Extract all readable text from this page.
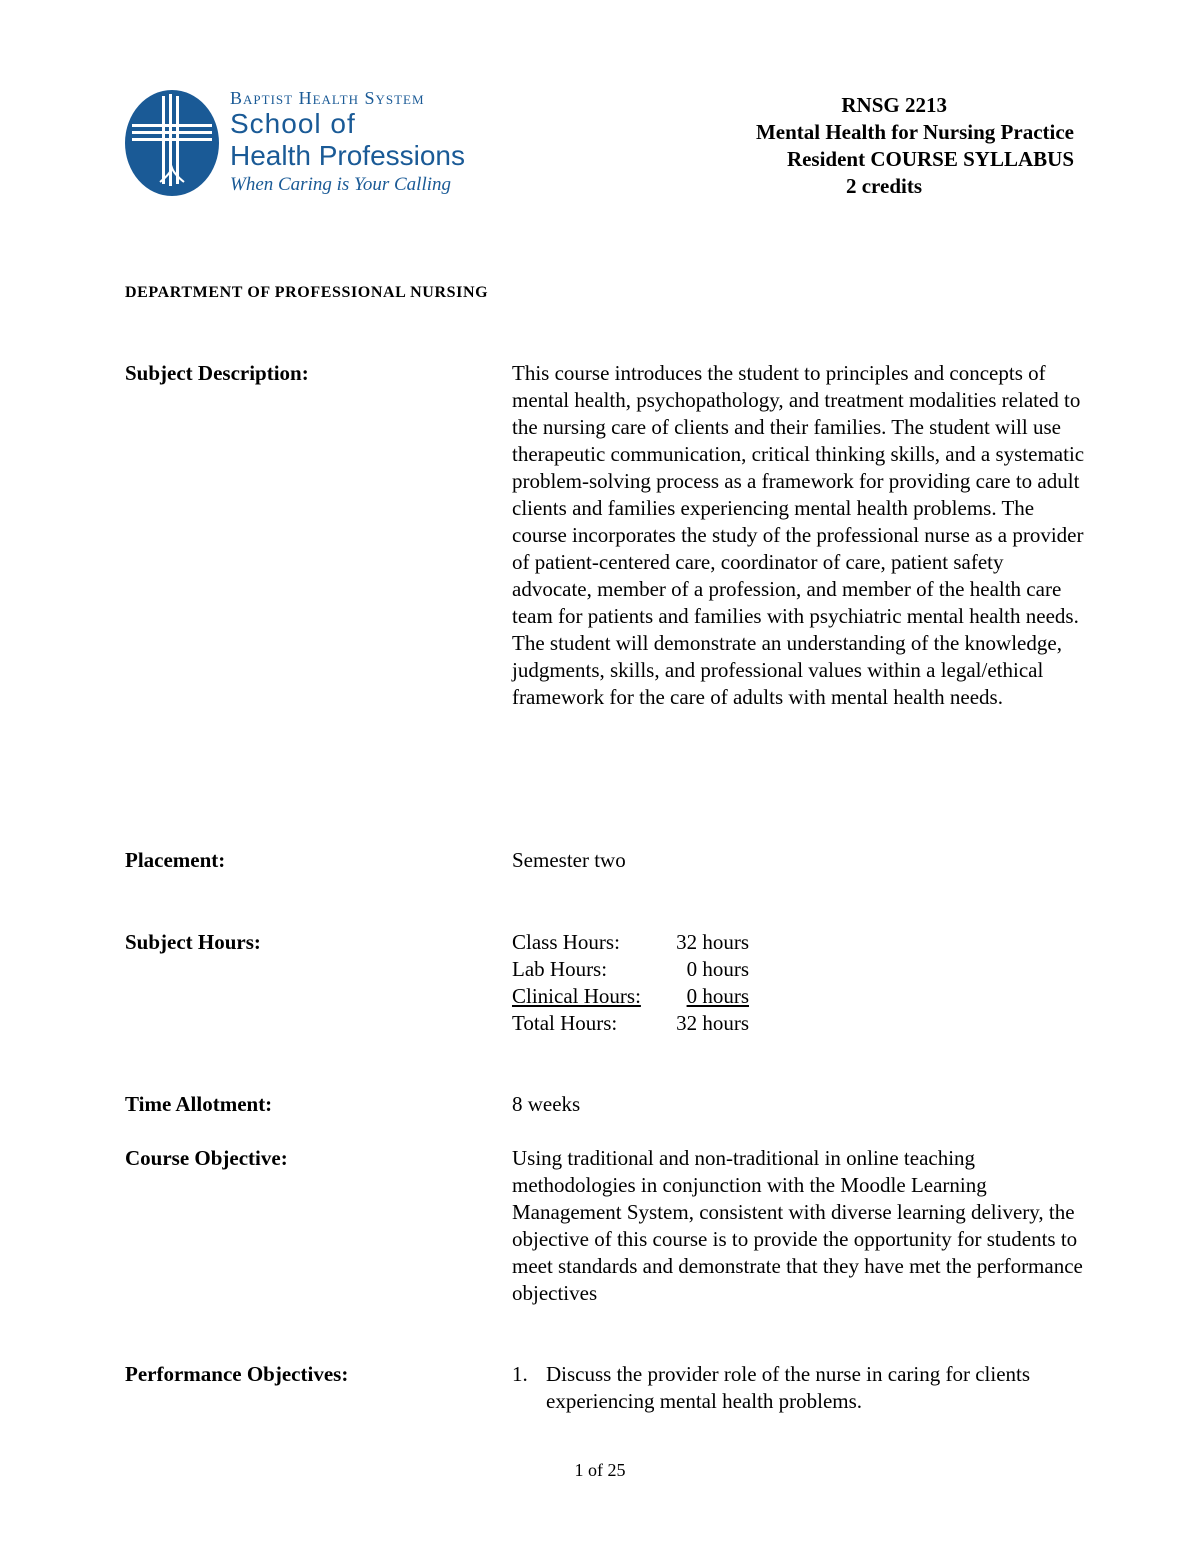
Baptist Health System
School of
Health Professions
When Caring is Your Calling
RNSG 2213
Mental Health for Nursing Practice
Resident COURSE SYLLABUS
2 credits
DEPARTMENT OF PROFESSIONAL NURSING
Subject Description:	This course introduces the student to principles and concepts of mental health, psychopathology, and treatment modalities related to the nursing care of clients and their families. The student will use therapeutic communication, critical thinking skills, and a systematic problem-solving process as a framework for providing care to adult clients and families experiencing mental health problems. The course incorporates the study of the professional nurse as a provider of patient-centered care, coordinator of care, patient safety advocate, member of a profession, and member of the health care team for patients and families with psychiatric mental health needs. The student will demonstrate an understanding of the knowledge, judgments, skills, and professional values within a legal/ethical framework for the care of adults with mental health needs.
Placement:	Semester two
Subject Hours:	Class Hours:	32 hours
Lab Hours:	0 hours
Clinical Hours:	0 hours
Total Hours:	32 hours
Time Allotment:	8 weeks
Course Objective:	Using traditional and non-traditional in online teaching methodologies in conjunction with the Moodle Learning Management System, consistent with diverse learning delivery, the objective of this course is to provide the opportunity for students to meet standards and demonstrate that they have met the performance objectives
Performance Objectives:	1. Discuss the provider role of the nurse in caring for clients experiencing mental health problems.
1 of 25
